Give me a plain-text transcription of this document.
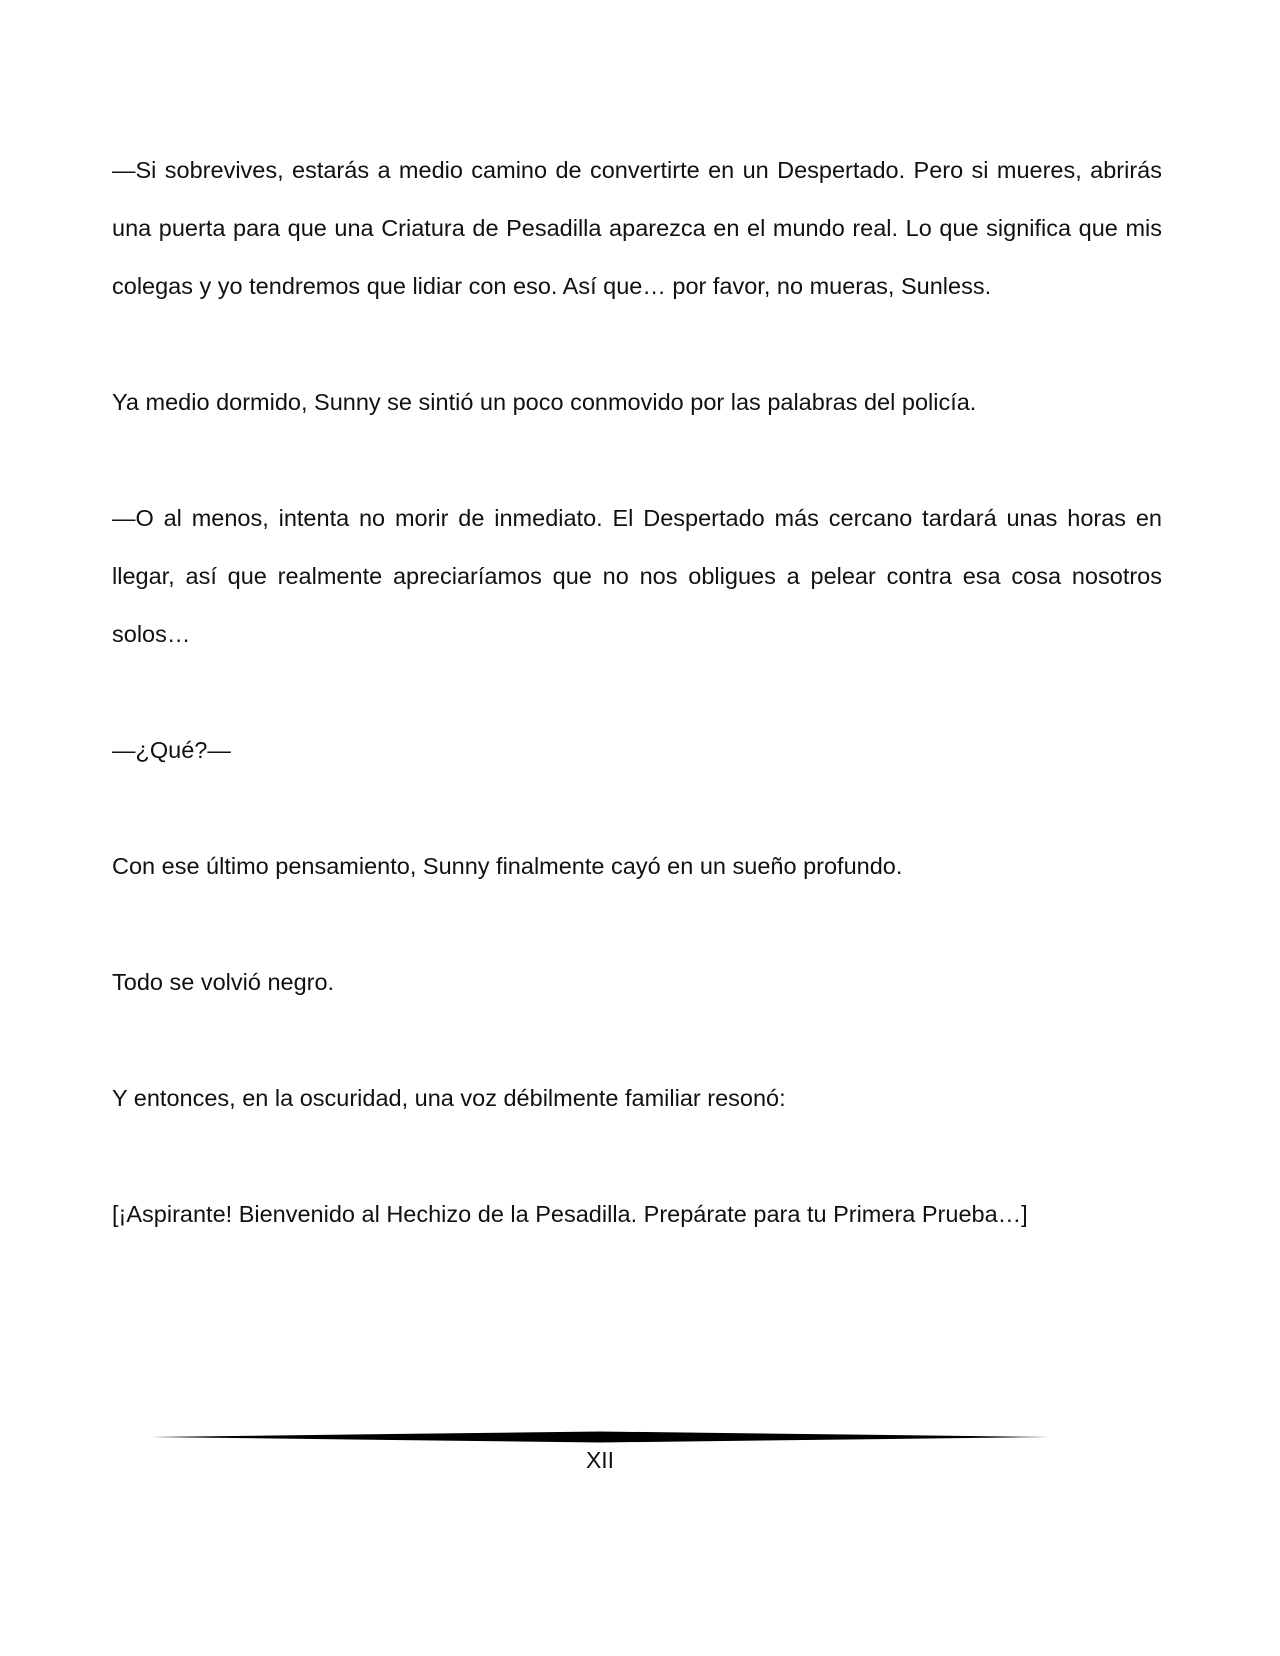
—Si sobrevives, estarás a medio camino de convertirte en un Despertado. Pero si mueres, abrirás una puerta para que una Criatura de Pesadilla aparezca en el mundo real. Lo que significa que mis colegas y yo tendremos que lidiar con eso. Así que… por favor, no mueras, Sunless.

Ya medio dormido, Sunny se sintió un poco conmovido por las palabras del policía.

—O al menos, intenta no morir de inmediato. El Despertado más cercano tardará unas horas en llegar, así que realmente apreciaríamos que no nos obligues a pelear contra esa cosa nosotros solos…

—¿Qué?—

Con ese último pensamiento, Sunny finalmente cayó en un sueño profundo.

Todo se volvió negro.

Y entonces, en la oscuridad, una voz débilmente familiar resonó:

[¡Aspirante! Bienvenido al Hechizo de la Pesadilla. Prepárate para tu Primera Prueba…]

XII
